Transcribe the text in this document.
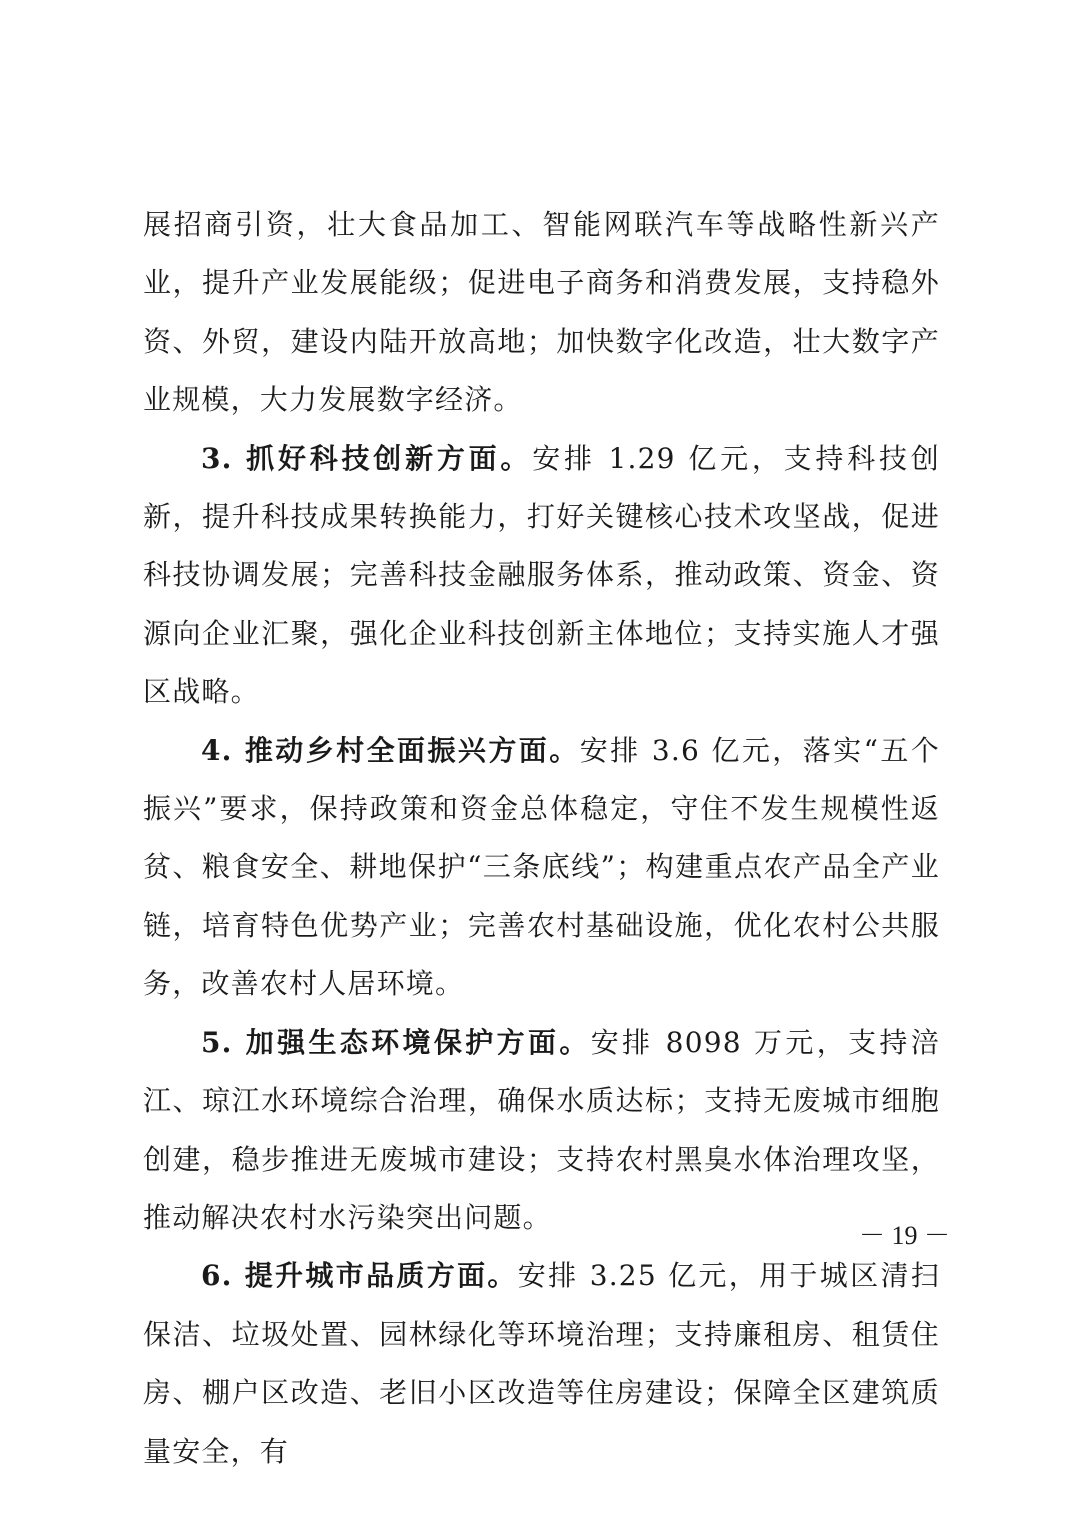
展招商引资，壮大食品加工、智能网联汽车等战略性新兴产业，提升产业发展能级；促进电子商务和消费发展，支持稳外资、外贸，建设内陆开放高地；加快数字化改造，壮大数字产业规模，大力发展数字经济。

3. 抓好科技创新方面。安排 1.29 亿元，支持科技创新，提升科技成果转换能力，打好关键核心技术攻坚战，促进科技协调发展；完善科技金融服务体系，推动政策、资金、资源向企业汇聚，强化企业科技创新主体地位；支持实施人才强区战略。

4. 推动乡村全面振兴方面。安排 3.6 亿元，落实“五个振兴”要求，保持政策和资金总体稳定，守住不发生规模性返贫、粮食安全、耕地保护“三条底线”；构建重点农产品全产业链，培育特色优势产业；完善农村基础设施，优化农村公共服务，改善农村人居环境。

5. 加强生态环境保护方面。安排 8098 万元，支持涪江、琼江水环境综合治理，确保水质达标；支持无废城市细胞创建，稳步推进无废城市建设；支持农村黑臭水体治理攻坚，推动解决农村水污染突出问题。

6. 提升城市品质方面。安排 3.25 亿元，用于城区清扫保洁、垃圾处置、园林绿化等环境治理；支持廉租房、租赁住房、棚户区改造、老旧小区改造等住房建设；保障全区建筑质量安全，有

－ 19 －
